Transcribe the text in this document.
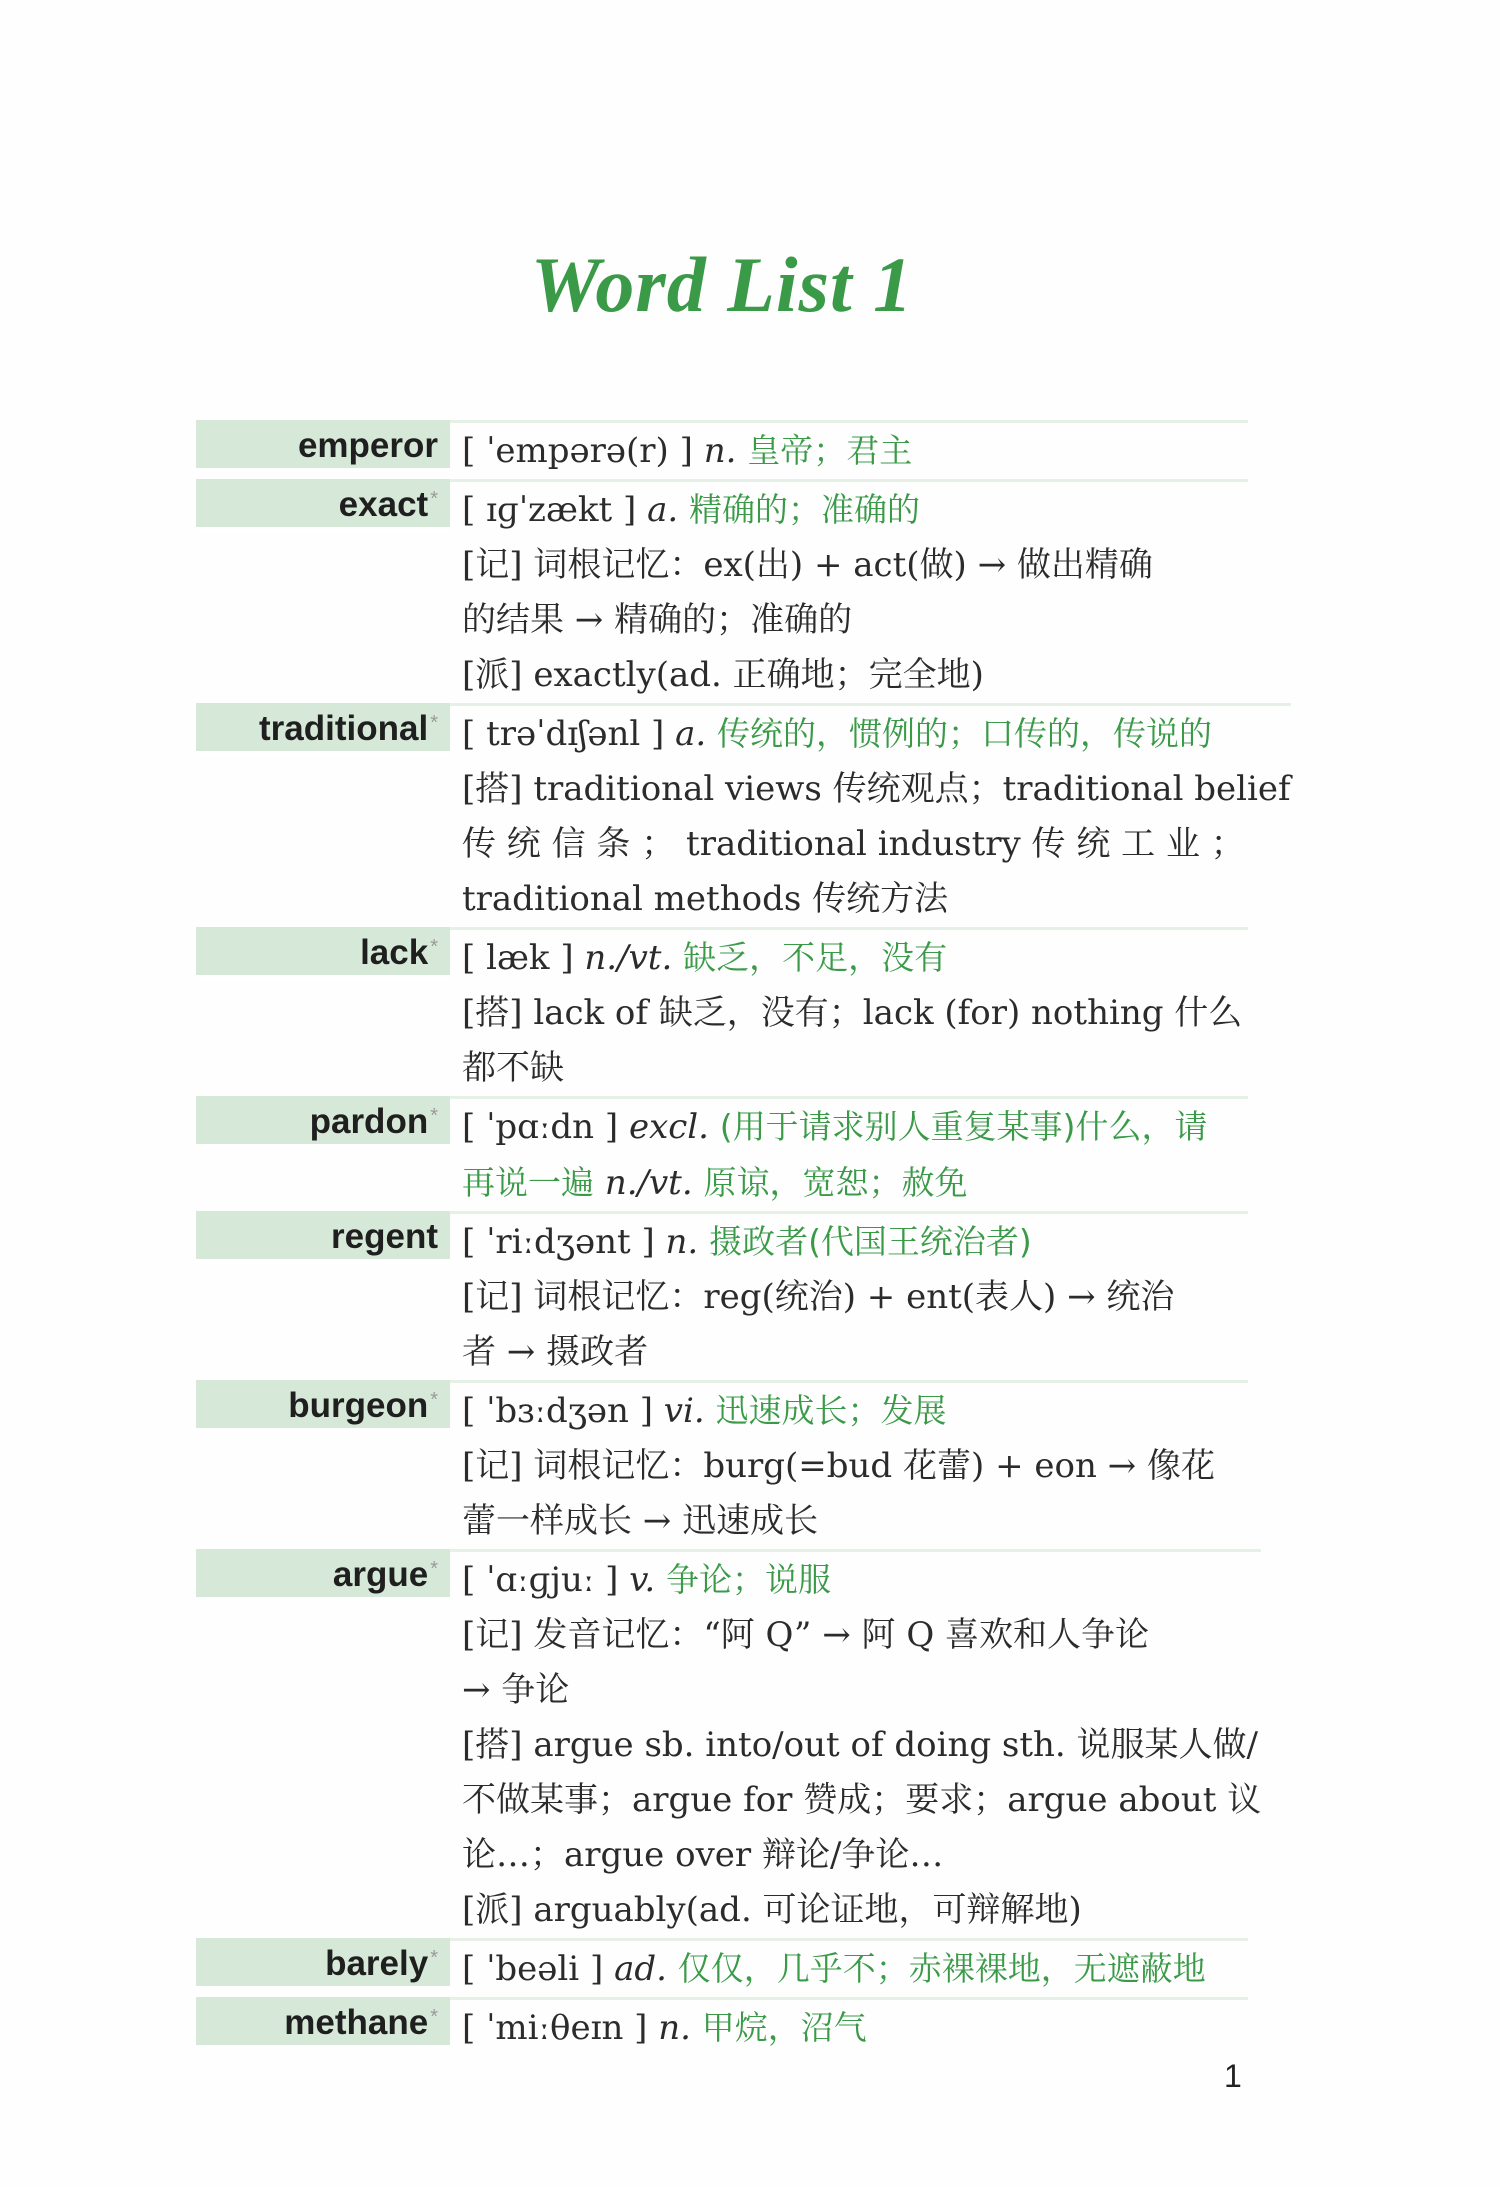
Word List 1
emperor [ ˈempərə(r) ] n. 皇帝；君主
exact * [ ɪɡˈzækt ] a. 精确的；准确的
[记] 词根记忆：ex(出) + act(做) → 做出精确
的结果 → 精确的；准确的
[派] exactly(ad. 正确地；完全地)
traditional * [ trəˈdɪʃənl ] a. 传统的，惯例的；口传的，传说的
[搭] traditional views 传统观点；traditional belief
传 统 信 条 ； traditional industry 传 统 工 业 ；
traditional methods 传统方法
lack * [ læk ] n./vt. 缺乏，不足，没有
[搭] lack of 缺乏，没有；lack (for) nothing 什么
都不缺
pardon * [ ˈpɑːdn ] excl. (用于请求别人重复某事)什么，请
再说一遍 n./vt. 原谅，宽恕；赦免
regent [ ˈriːdʒənt ] n. 摄政者(代国王统治者)
[记] 词根记忆：reg(统治) + ent(表人) → 统治
者 → 摄政者
burgeon * [ ˈbɜːdʒən ] vi. 迅速成长；发展
[记] 词根记忆：burg(=bud 花蕾) + eon → 像花
蕾一样成长 → 迅速成长
argue * [ ˈɑːɡjuː ] v. 争论；说服
[记] 发音记忆：“阿 Q” → 阿 Q 喜欢和人争论
→ 争论
[搭] argue sb. into/out of doing sth. 说服某人做/
不做某事；argue for 赞成；要求；argue about 议
论…；argue over 辩论/争论…
[派] arguably(ad. 可论证地，可辩解地)
barely * [ ˈbeəli ] ad. 仅仅，几乎不；赤裸裸地，无遮蔽地
methane * [ ˈmiːθeɪn ] n. 甲烷，沼气
1
